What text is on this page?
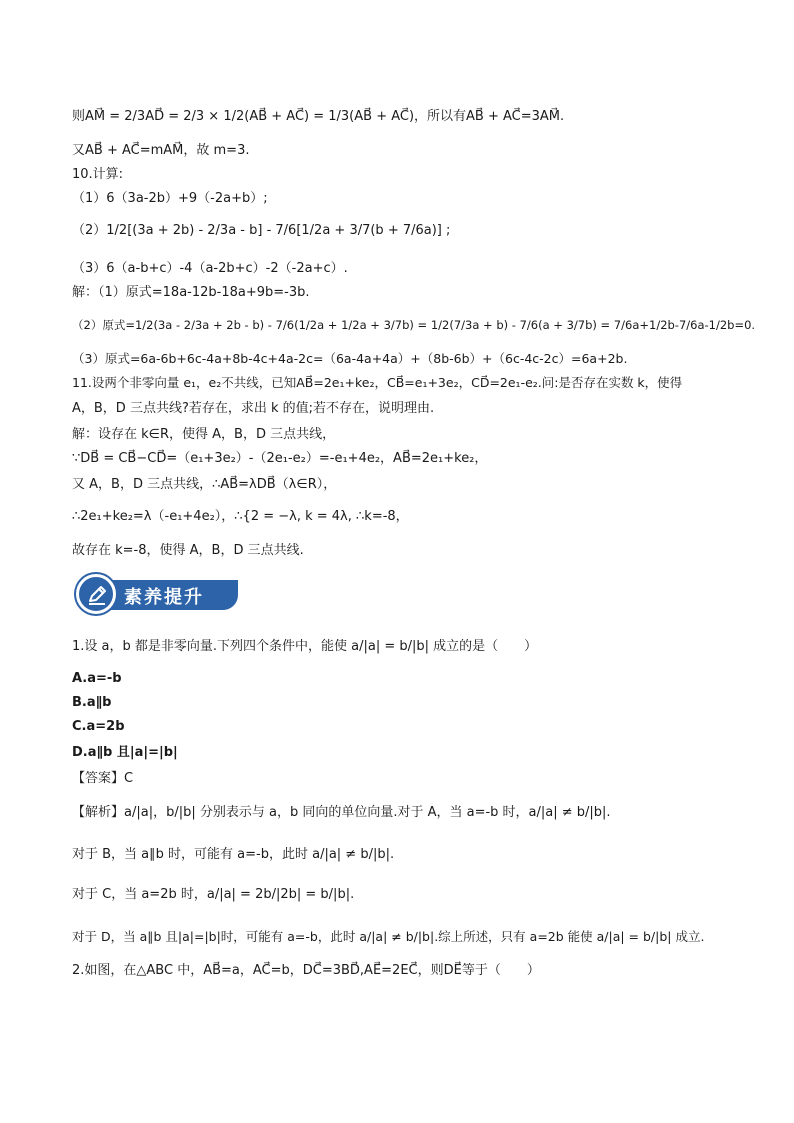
则AM⃗ = 2/3AD⃗ = 2/3 × 1/2(AB⃗ + AC⃗) = 1/3(AB⃗ + AC⃗)，所以有AB⃗ + AC⃗=3AM⃗.
又AB⃗ + AC⃗=mAM⃗，故 m=3.
10.计算:
（1）6（3a-2b）+9（-2a+b）;
（2）1/2[(3a + 2b) - 2/3a - b] - 7/6[1/2a + 3/7(b + 7/6a)] ;
（3）6（a-b+c）-4（a-2b+c）-2（-2a+c）.
解：（1）原式=18a-12b-18a+9b=-3b.
（2）原式=1/2(3a - 2/3a + 2b - b) - 7/6(1/2a + 1/2a + 3/7b) = 1/2(7/3a + b) - 7/6(a + 3/7b) = 7/6a+1/2b-7/6a-1/2b=0.
（3）原式=6a-6b+6c-4a+8b-4c+4a-2c=（6a-4a+4a）+（8b-6b）+（6c-4c-2c）=6a+2b.
11.设两个非零向量 e₁，e₂不共线，已知AB⃗=2e₁+ke₂，CB⃗=e₁+3e₂，CD⃗=2e₁-e₂.问:是否存在实数 k，使得
A，B，D 三点共线?若存在，求出 k 的值;若不存在，说明理由.
解：设存在 k∈R，使得 A，B，D 三点共线，
∵DB⃗ = CB⃗−CD⃗=（e₁+3e₂）-（2e₁-e₂）=-e₁+4e₂，AB⃗=2e₁+ke₂，
又 A，B，D 三点共线，∴AB⃗=λDB⃗（λ∈R），
∴2e₁+ke₂=λ（-e₁+4e₂），∴{2 = −λ, k = 4λ, ∴k=-8，
故存在 k=-8，使得 A，B，D 三点共线.
素养提升
1.设 a，b 都是非零向量.下列四个条件中，能使 a/|a| = b/|b| 成立的是（　　）
A.a=-b
B.a∥b
C.a=2b
D.a∥b 且|a|=|b|
【答案】C
【解析】a/|a|，b/|b| 分别表示与 a，b 同向的单位向量.对于 A，当 a=-b 时，a/|a| ≠ b/|b|.
对于 B，当 a∥b 时，可能有 a=-b，此时 a/|a| ≠ b/|b|.
对于 C，当 a=2b 时，a/|a| = 2b/|2b| = b/|b|.
对于 D，当 a∥b 且|a|=|b|时，可能有 a=-b，此时 a/|a| ≠ b/|b|.综上所述，只有 a=2b 能使 a/|a| = b/|b| 成立.
2.如图，在△ABC 中，AB⃗=a，AC⃗=b，DC⃗=3BD⃗,AE⃗=2EC⃗，则DE⃗等于（　　）
